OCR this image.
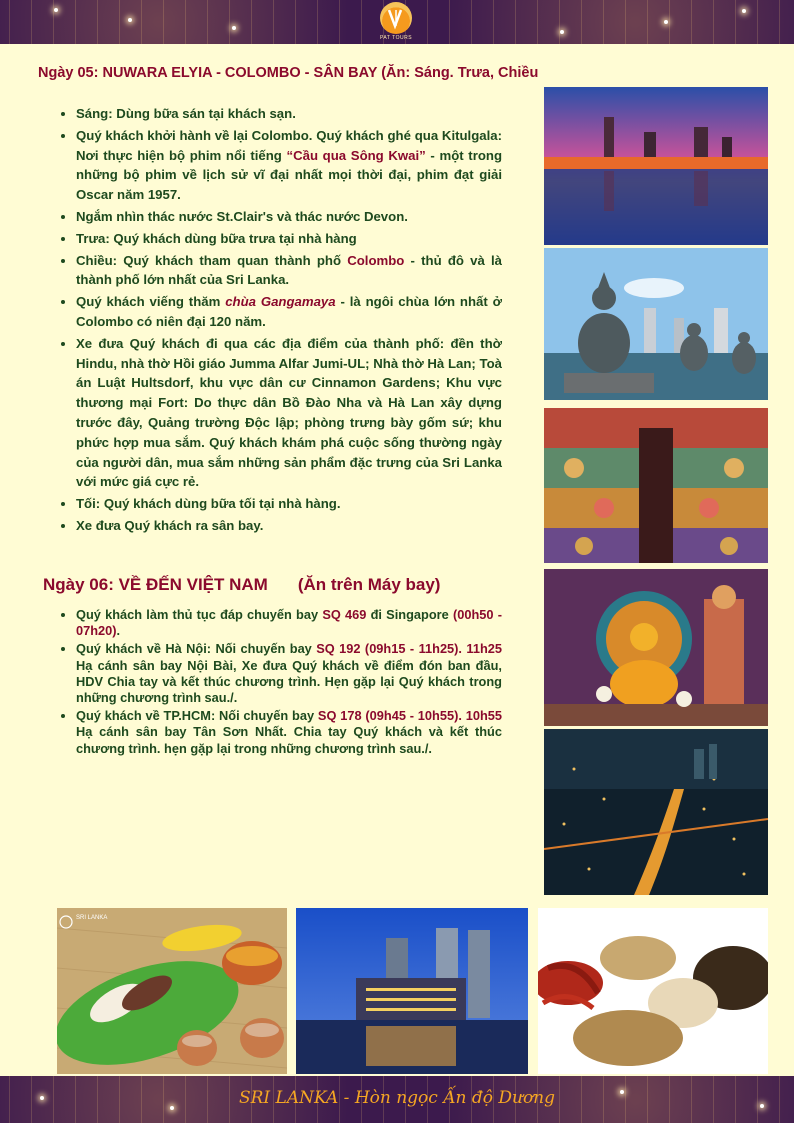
PAT TOURS
Ngày 05: NUWARA ELYIA - COLOMBO - SÂN BAY (Ăn: Sáng. Trưa, Chiều
• Sáng: Dùng bữa sán tại khách sạn.
• Quý khách khởi hành về lại Colombo. Quý khách ghé qua Kitulgala: Nơi thực hiện bộ phim nổi tiếng “Cầu qua Sông Kwai” - một trong những bộ phim về lịch sử vĩ đại nhất mọi thời đại, phim đạt giải Oscar năm 1957.
• Ngắm nhìn thác nước St.Clair's và thác nước Devon.
• Trưa: Quý khách dùng bữa trưa tại nhà hàng
• Chiều: Quý khách tham quan thành phố Colombo - thủ đô và là thành phố lớn nhất của Sri Lanka.
• Quý khách viếng thăm chùa Gangamaya - là ngôi chùa lớn nhất ở Colombo có niên đại 120 năm.
• Xe đưa Quý khách đi qua các địa điểm của thành phố: đền thờ Hindu, nhà thờ Hồi giáo Jumma Alfar Jumi-UL; Nhà thờ Hà Lan; Toà án Luật Hultsdorf, khu vực dân cư Cinnamon Gardens; Khu vực thương mại Fort: Do thực dân Bồ Đào Nha và Hà Lan xây dựng trước đây, Quảng trường Độc lập; phòng trưng bày gốm sứ; khu phức hợp mua sắm. Quý khách khám phá cuộc sống thường ngày của người dân, mua sắm những sản phẩm đặc trưng của Sri Lanka với mức giá cực rẻ.
• Tối: Quý khách dùng bữa tối tại nhà hàng.
• Xe đưa Quý khách ra sân bay.
Ngày 06: VỀ ĐẾN VIỆT NAM (Ăn trên Máy bay)
• Quý khách làm thủ tục đáp chuyến bay SQ 469 đi Singapore (00h50 - 07h20).
• Quý khách về Hà Nội: Nối chuyến bay SQ 192 (09h15 - 11h25). 11h25 Hạ cánh sân bay Nội Bài, Xe đưa Quý khách về điểm đón ban đầu, HDV Chia tay và kết thúc chương trình. Hẹn gặp lại Quý khách trong những chương trình sau./.
• Quý khách về TP.HCM: Nối chuyến bay SQ 178 (09h45 - 10h55). 10h55 Hạ cánh sân bay Tân Sơn Nhất. Chia tay Quý khách và kết thúc chương trình. hẹn gặp lại trong những chương trình sau./.
SRI LANKA
SRI LANKA - Hòn ngọc Ấn độ Dương
